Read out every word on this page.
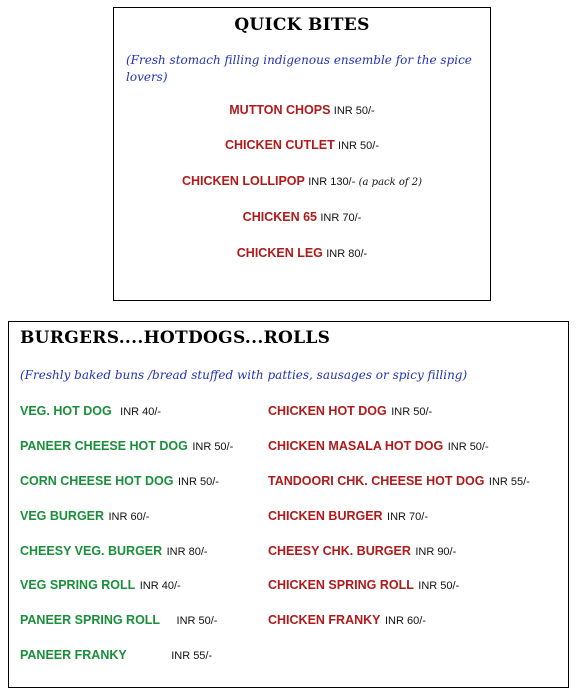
QUICK BITES
(Fresh stomach filling indigenous ensemble for the spice lovers)
MUTTON CHOPS INR 50/-
CHICKEN CUTLET INR 50/-
CHICKEN LOLLIPOP INR 130/- (a pack of 2)
CHICKEN 65 INR 70/-
CHICKEN LEG INR 80/-
BURGERS....HOTDOGS...ROLLS
(Freshly baked buns /bread stuffed with patties, sausages or spicy filling)
VEG. HOT DOG INR 40/-
PANEER CHEESE HOT DOG INR 50/-
CORN CHEESE HOT DOG INR 50/-
VEG BURGER INR 60/-
CHEESY VEG. BURGER INR 80/-
VEG SPRING ROLL INR 40/-
PANEER SPRING ROLL INR 50/-
PANEER FRANKY	INR 55/-
CHICKEN HOT DOG INR 50/-
CHICKEN MASALA HOT DOG INR 50/-
TANDOORI CHK. CHEESE HOT DOG INR 55/-
CHICKEN BURGER INR 70/-
CHEESY CHK. BURGER INR 90/-
CHICKEN SPRING ROLL INR 50/-
CHICKEN FRANKY INR 60/-
